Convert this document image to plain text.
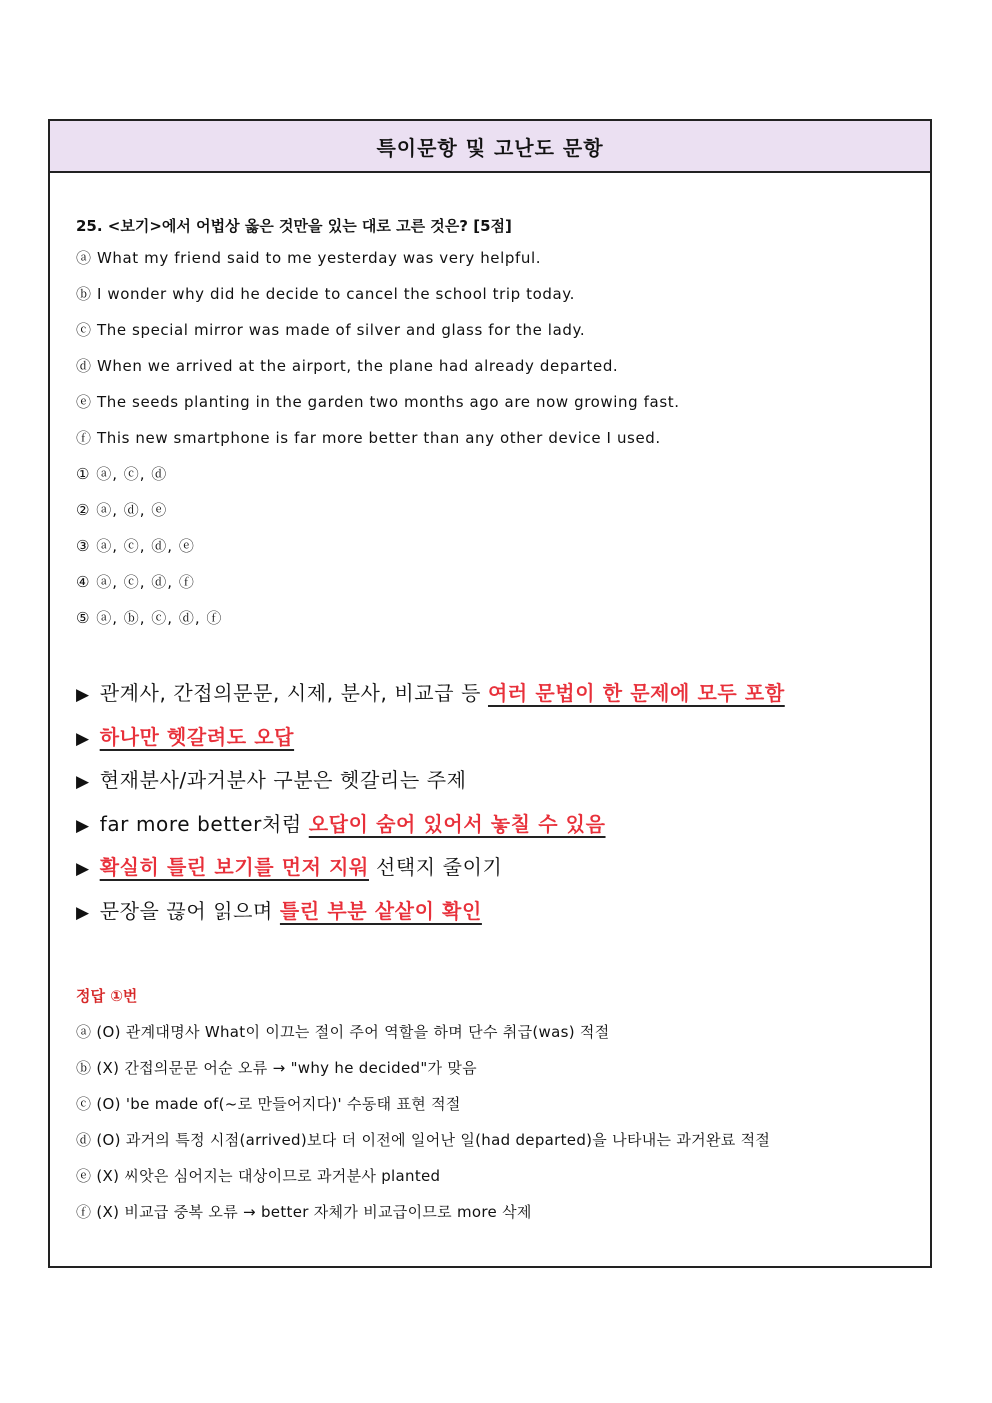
특이문항 및 고난도 문항
25. <보기>에서 어법상 옳은 것만을 있는 대로 고른 것은? [5점]
ⓐ What my friend said to me yesterday was very helpful.
ⓑ I wonder why did he decide to cancel the school trip today.
ⓒ The special mirror was made of silver and glass for the lady.
ⓓ When we arrived at the airport, the plane had already departed.
ⓔ The seeds planting in the garden two months ago are now growing fast.
ⓕ This new smartphone is far more better than any other device I used.
① ⓐ, ⓒ, ⓓ
② ⓐ, ⓓ, ⓔ
③ ⓐ, ⓒ, ⓓ, ⓔ
④ ⓐ, ⓒ, ⓓ, ⓕ
⑤ ⓐ, ⓑ, ⓒ, ⓓ, ⓕ
▶ 관계사, 간접의문문, 시제, 분사, 비교급 등 여러 문법이 한 문제에 모두 포함
▶ 하나만 헷갈려도 오답
▶ 현재분사/과거분사 구분은 헷갈리는 주제
▶ far more better처럼 오답이 숨어 있어서 놓칠 수 있음
▶ 확실히 틀린 보기를 먼저 지워 선택지 줄이기
▶ 문장을 끊어 읽으며 틀린 부분 샅샅이 확인
정답 ①번
ⓐ (O) 관계대명사 What이 이끄는 절이 주어 역할을 하며 단수 취급(was) 적절
ⓑ (X) 간접의문문 어순 오류 → "why he decided"가 맞음
ⓒ (O) 'be made of(~로 만들어지다)' 수동태 표현 적절
ⓓ (O) 과거의 특정 시점(arrived)보다 더 이전에 일어난 일(had departed)을 나타내는 과거완료 적절
ⓔ (X) 씨앗은 심어지는 대상이므로 과거분사 planted
ⓕ (X) 비교급 중복 오류 → better 자체가 비교급이므로 more 삭제
